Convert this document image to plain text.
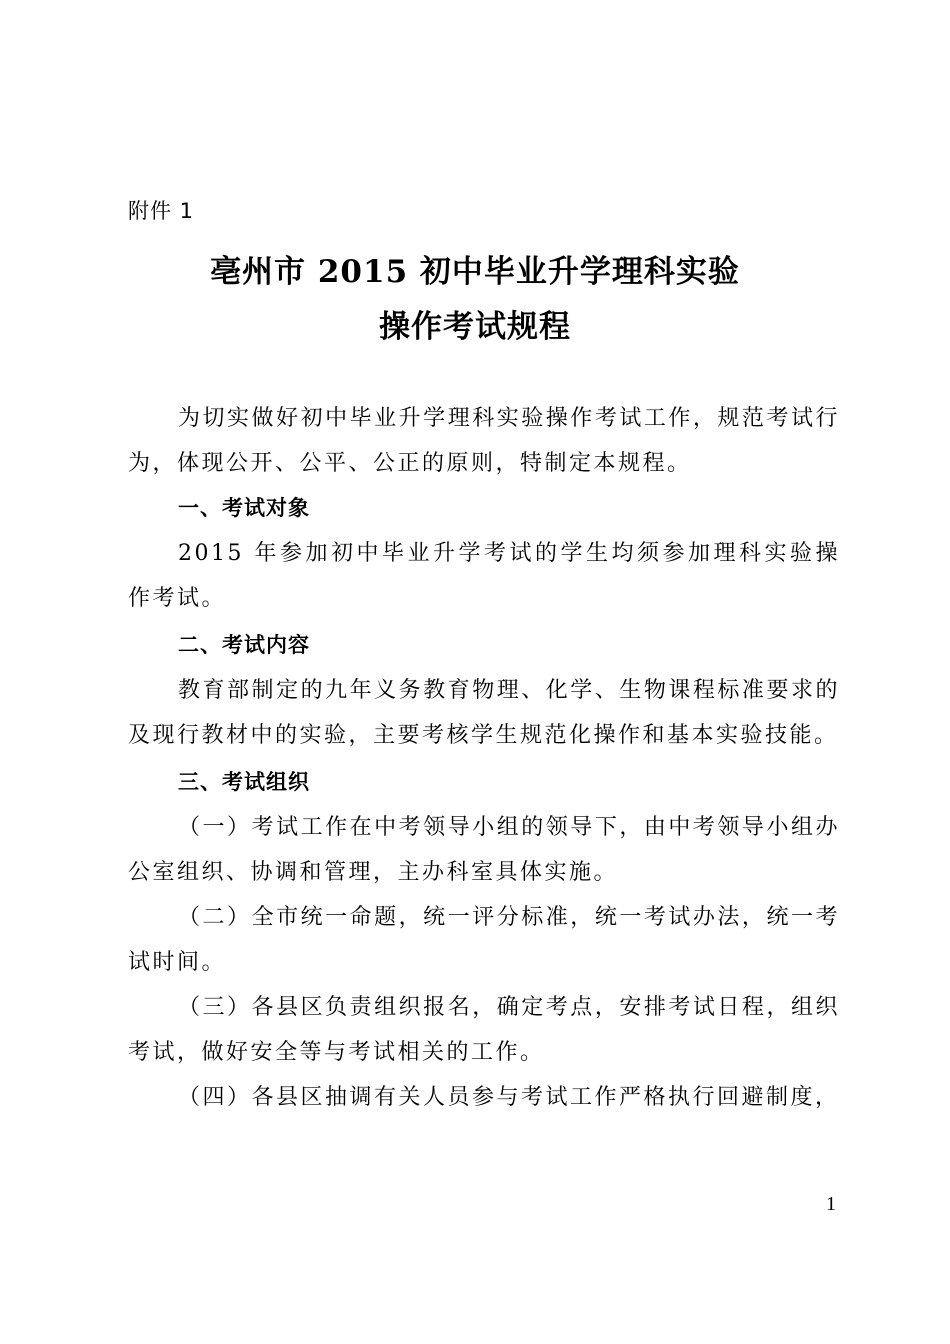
附件 1
亳州市 2015 初中毕业升学理科实验
操作考试规程

为切实做好初中毕业升学理科实验操作考试工作，规范考试行为，体现公开、公平、公正的原则，特制定本规程。

一、考试对象

2015 年参加初中毕业升学考试的学生均须参加理科实验操作考试。

二、考试内容

教育部制定的九年义务教育物理、化学、生物课程标准要求的及现行教材中的实验，主要考核学生规范化操作和基本实验技能。

三、考试组织

（一）考试工作在中考领导小组的领导下，由中考领导小组办公室组织、协调和管理，主办科室具体实施。

（二）全市统一命题，统一评分标准，统一考试办法，统一考试时间。

（三）各县区负责组织报名，确定考点，安排考试日程，组织考试，做好安全等与考试相关的工作。

（四）各县区抽调有关人员参与考试工作严格执行回避制度，

1
